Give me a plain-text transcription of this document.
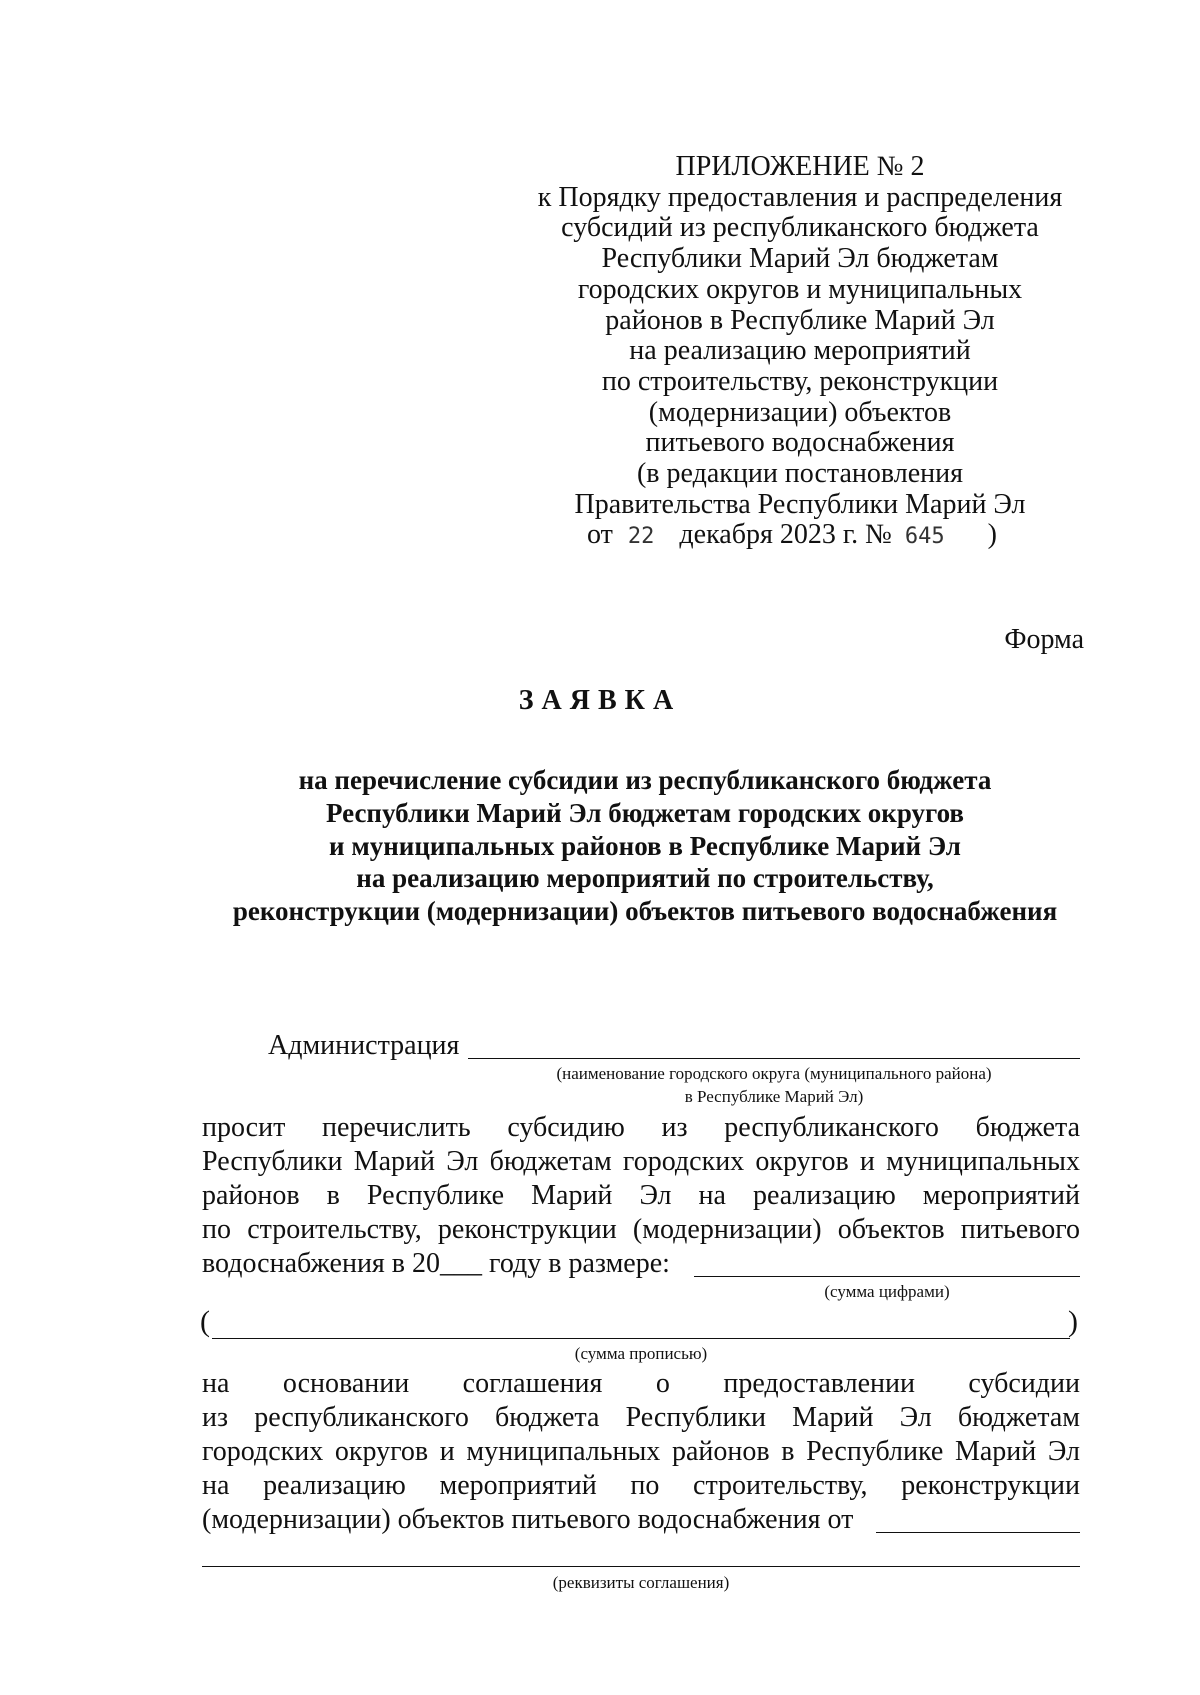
ПРИЛОЖЕНИЕ № 2
к Порядку предоставления и распределения
субсидий из республиканского бюджета
Республики Марий Эл бюджетам
городских округов и муниципальных
районов в Республике Марий Эл
на реализацию мероприятий
по строительству, реконструкции
(модернизации) объектов
питьевого водоснабжения
(в редакции постановления
Правительства Республики Марий Эл
от 22 декабря 2023 г. № 645 )
Форма
ЗАЯВКА
на перечисление субсидии из республиканского бюджета
Республики Марий Эл бюджетам городских округов
и муниципальных районов в Республике Марий Эл
на реализацию мероприятий по строительству,
реконструкции (модернизации) объектов питьевого водоснабжения
Администрация
(наименование городского округа (муниципального района)
в Республике Марий Эл)
просит перечислить субсидию из республиканского бюджета
Республики Марий Эл бюджетам городских округов и муниципальных
районов в Республике Марий Эл на реализацию мероприятий
по строительству, реконструкции (модернизации) объектов питьевого
водоснабжения в 20___ году в размере:
(сумма цифрами)
(	)
(сумма прописью)
на основании соглашения о предоставлении субсидии
из республиканского бюджета Республики Марий Эл бюджетам
городских округов и муниципальных районов в Республике Марий Эл
на реализацию мероприятий по строительству, реконструкции
(модернизации) объектов питьевого водоснабжения от
(реквизиты соглашения)
